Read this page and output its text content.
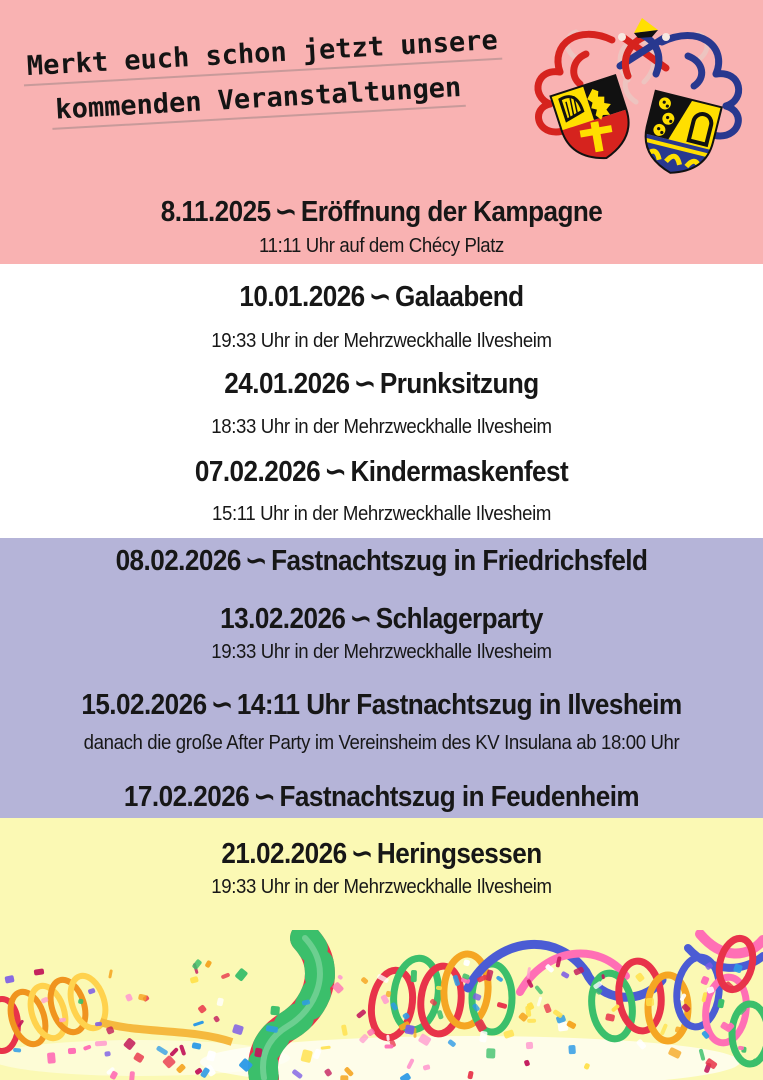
Merkt euch schon jetzt unsere
kommenden Veranstaltungen
8.11.2025 ∽ Eröffnung der Kampagne
11:11 Uhr auf dem Chécy Platz
10.01.2026 ∽ Galaabend
19:33 Uhr in der Mehrzweckhalle Ilvesheim
24.01.2026 ∽ Prunksitzung
18:33 Uhr in der Mehrzweckhalle Ilvesheim
07.02.2026 ∽ Kindermaskenfest
15:11 Uhr in der Mehrzweckhalle Ilvesheim
08.02.2026 ∽ Fastnachtszug in Friedrichsfeld
13.02.2026 ∽ Schlagerparty
19:33 Uhr in der Mehrzweckhalle Ilvesheim
15.02.2026 ∽ 14:11 Uhr Fastnachtszug in Ilvesheim
danach die große After Party im Vereinsheim des KV Insulana ab 18:00 Uhr
17.02.2026 ∽ Fastnachtszug in Feudenheim
21.02.2026 ∽ Heringsessen
19:33 Uhr in der Mehrzweckhalle Ilvesheim
